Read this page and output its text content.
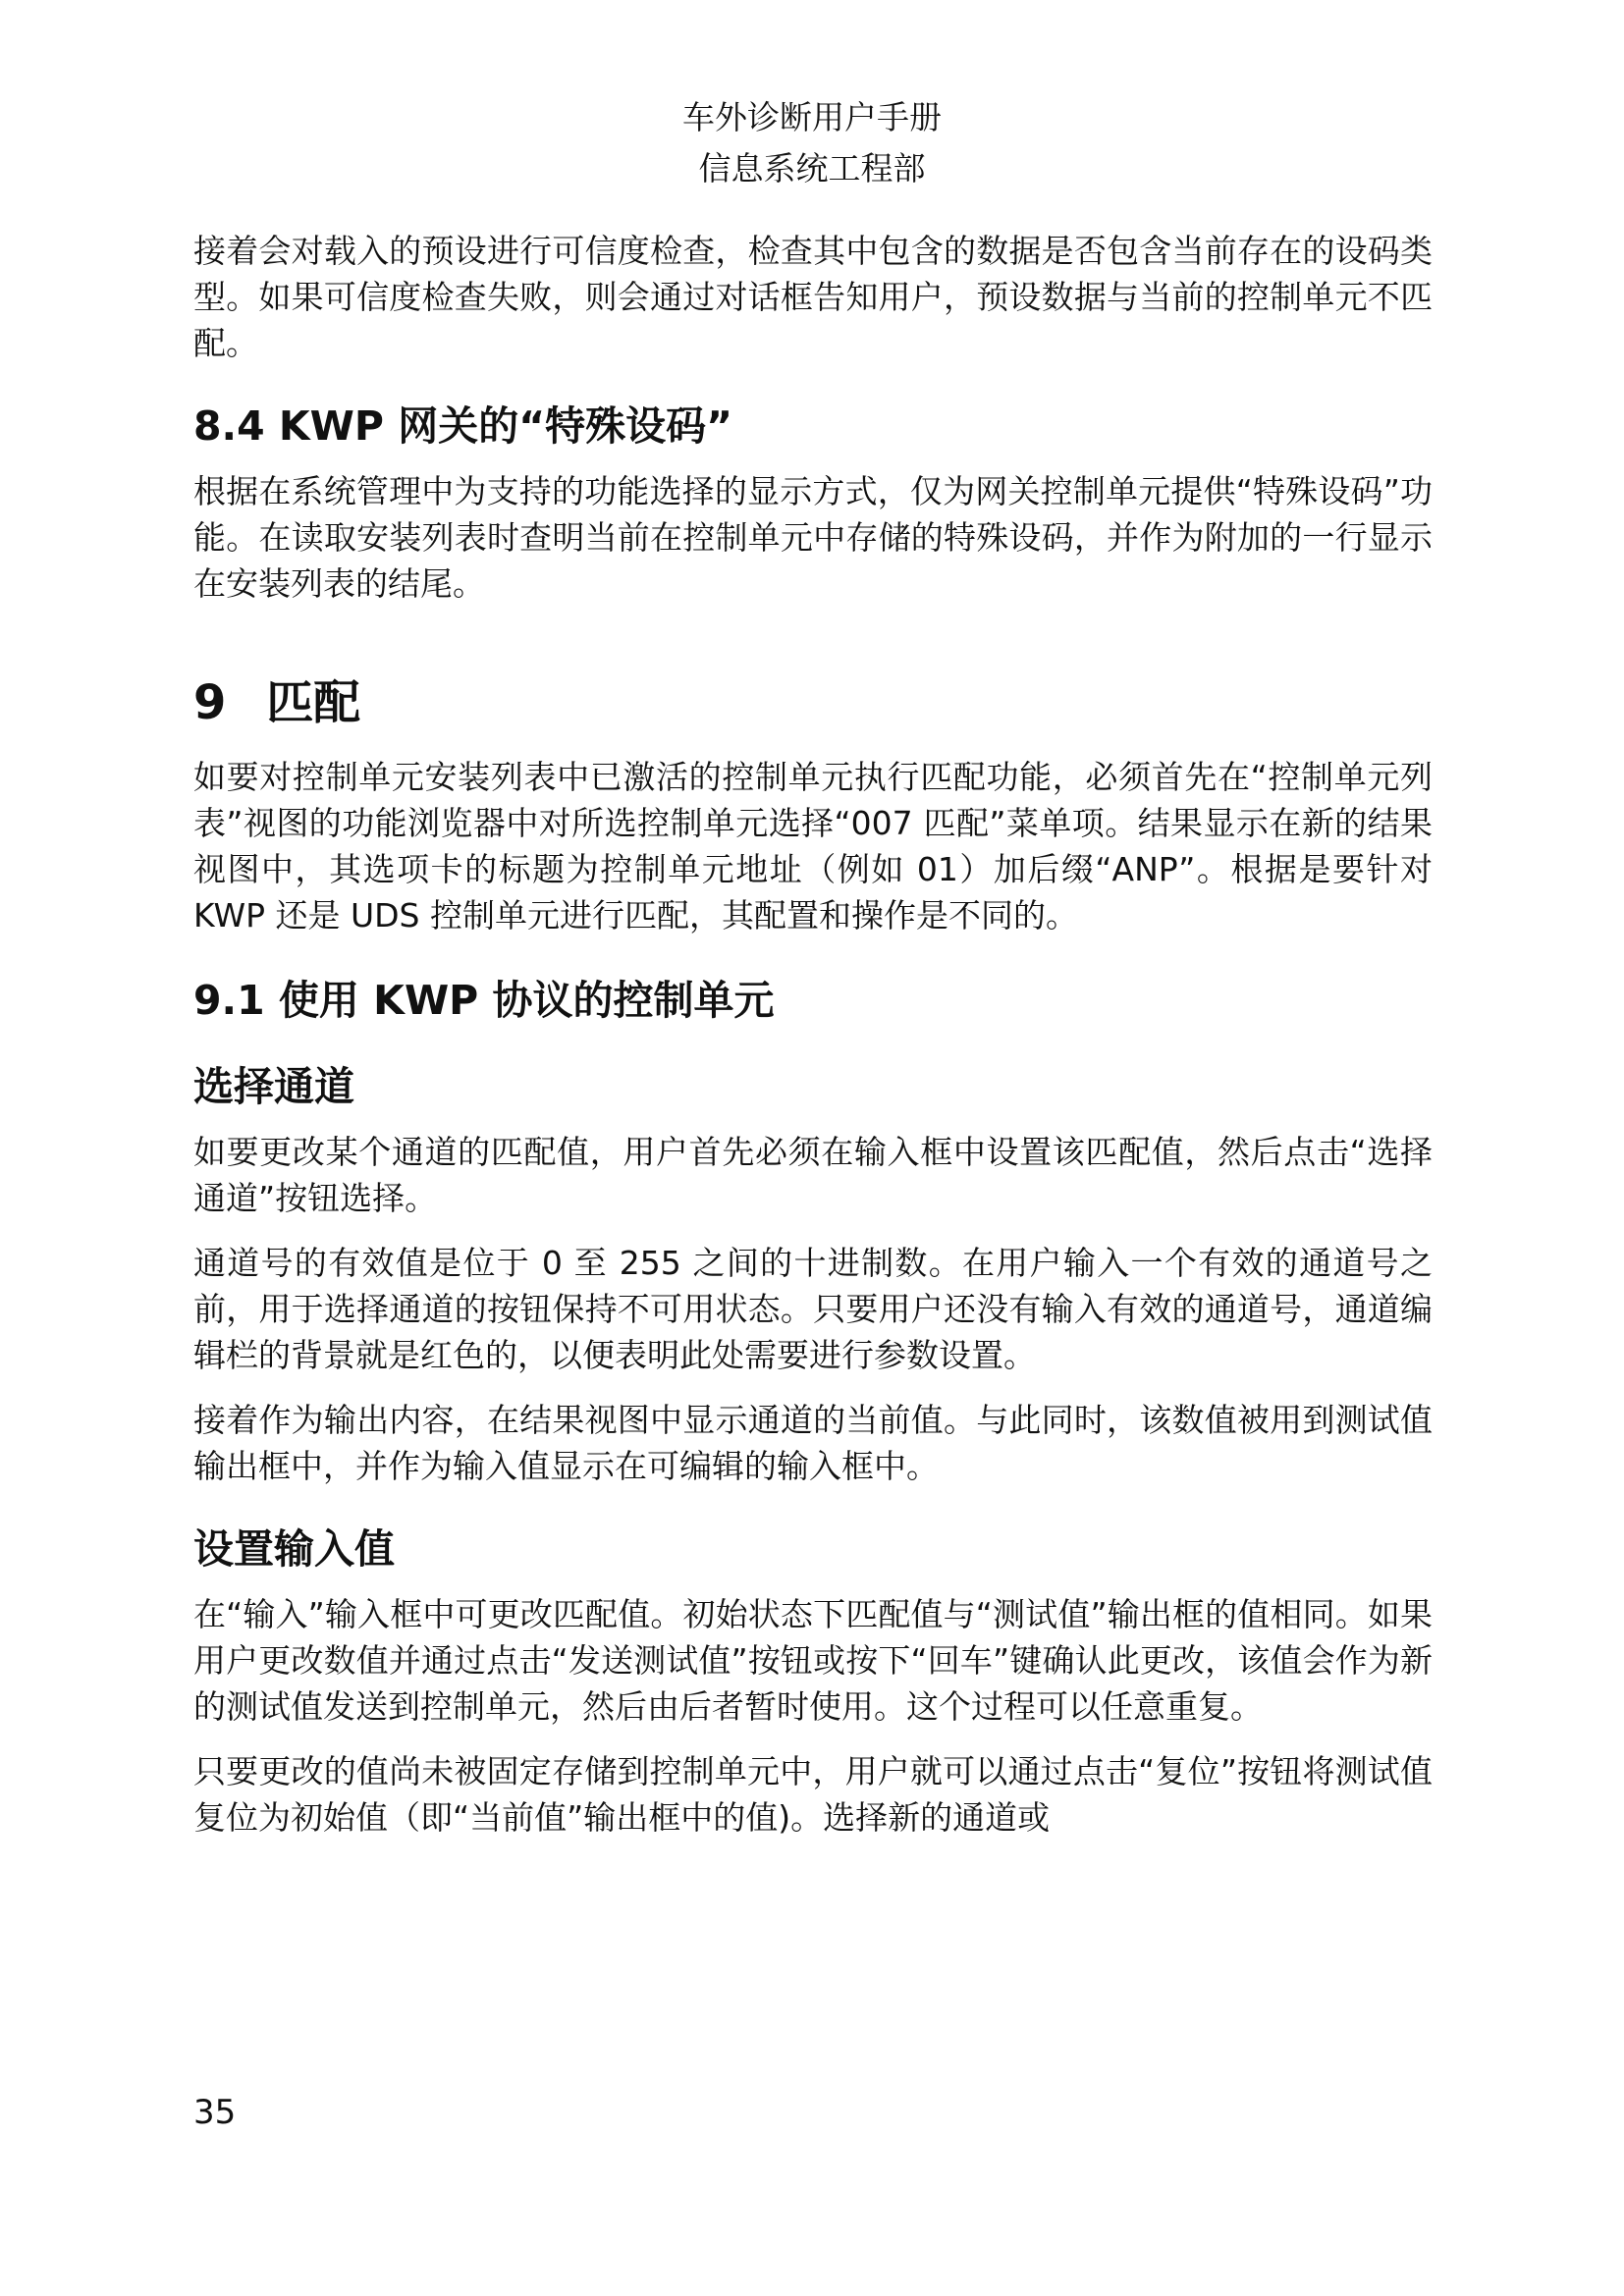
车外诊断用户手册
信息系统工程部

接着会对载入的预设进行可信度检查，检查其中包含的数据是否包含当前存在的设码类型。如果可信度检查失败，则会通过对话框告知用户，预设数据与当前的控制单元不匹配。

8.4 KWP 网关的“特殊设码”

根据在系统管理中为支持的功能选择的显示方式，仅为网关控制单元提供“特殊设码”功能。在读取安装列表时查明当前在控制单元中存储的特殊设码，并作为附加的一行显示在安装列表的结尾。

9 匹配

如要对控制单元安装列表中已激活的控制单元执行匹配功能，必须首先在“控制单元列表”视图的功能浏览器中对所选控制单元选择“007 匹配”菜单项。结果显示在新的结果视图中，其选项卡的标题为控制单元地址（例如 01）加后缀“ANP”。根据是要针对 KWP 还是 UDS 控制单元进行匹配，其配置和操作是不同的。

9.1 使用 KWP 协议的控制单元
选择通道

如要更改某个通道的匹配值，用户首先必须在输入框中设置该匹配值，然后点击“选择通道”按钮选择。

通道号的有效值是位于 0 至 255 之间的十进制数。在用户输入一个有效的通道号之前，用于选择通道的按钮保持不可用状态。只要用户还没有输入有效的通道号，通道编辑栏的背景就是红色的，以便表明此处需要进行参数设置。

接着作为输出内容，在结果视图中显示通道的当前值。与此同时，该数值被用到测试值输出框中，并作为输入值显示在可编辑的输入框中。

设置输入值

在“输入”输入框中可更改匹配值。初始状态下匹配值与“测试值”输出框的值相同。如果用户更改数值并通过点击“发送测试值”按钮或按下“回车”键确认此更改，该值会作为新的测试值发送到控制单元，然后由后者暂时使用。这个过程可以任意重复。

只要更改的值尚未被固定存储到控制单元中，用户就可以通过点击“复位”按钮将测试值复位为初始值（即“当前值”输出框中的值)。选择新的通道或

35
